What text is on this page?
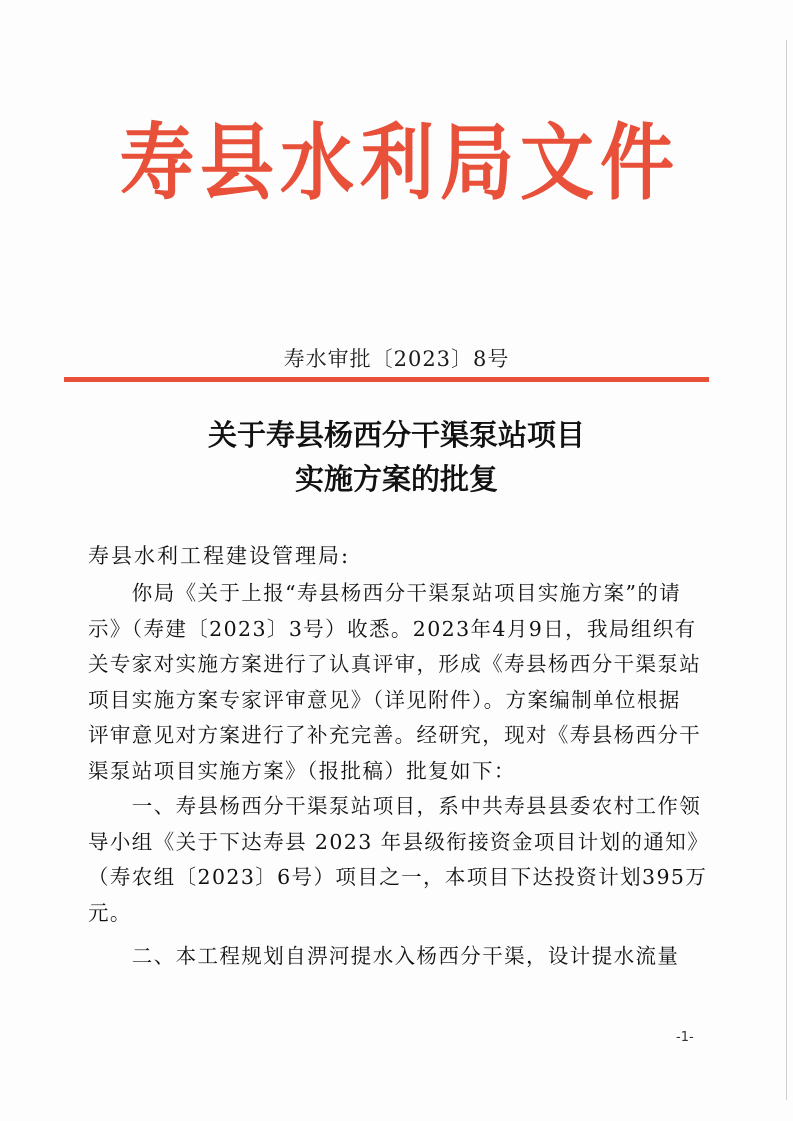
寿县水利局文件
寿水审批〔2023〕8号
关于寿县杨西分干渠泵站项目
实施方案的批复
寿县水利工程建设管理局:
　　你局《关于上报“寿县杨西分干渠泵站项目实施方案”的请
示》（寿建〔2023〕3号）收悉。2023年4月9日，我局组织有
关专家对实施方案进行了认真评审，形成《寿县杨西分干渠泵站
项目实施方案专家评审意见》（详见附件）。方案编制单位根据
评审意见对方案进行了补充完善。经研究，现对《寿县杨西分干
渠泵站项目实施方案》（报批稿）批复如下：
　　一、寿县杨西分干渠泵站项目，系中共寿县县委农村工作领
导小组《关于下达寿县 2023 年县级衔接资金项目计划的通知》
（寿农组〔2023〕6号）项目之一，本项目下达投资计划395万
元。
　　二、本工程规划自淠河提水入杨西分干渠，设计提水流量
-1-
